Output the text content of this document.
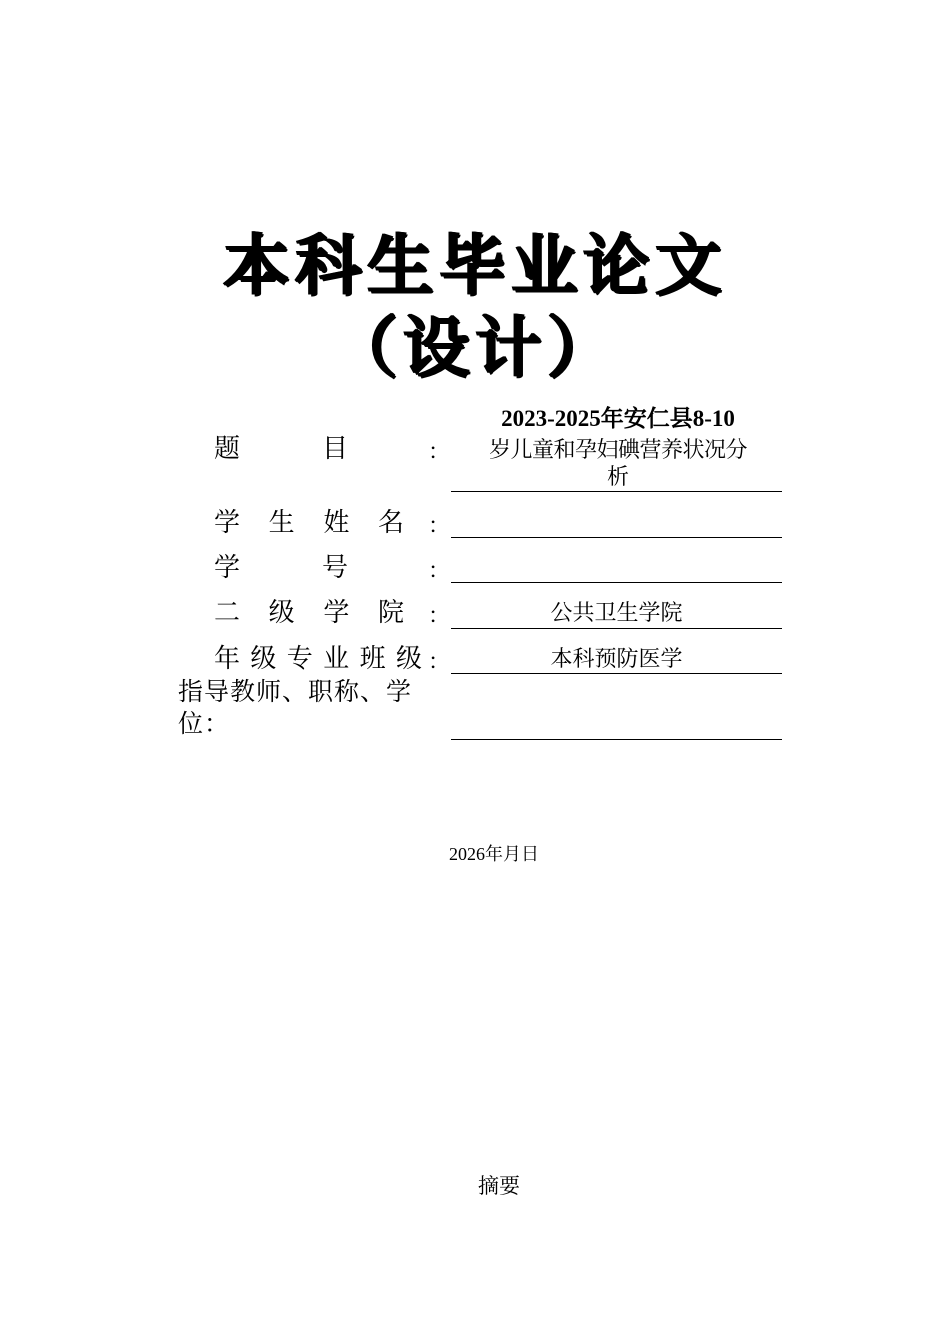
本科生毕业论文
（设计）
题	目	：
2023-2025年安仁县8-10
岁儿童和孕妇碘营养状况分
析
学 生 姓 名 ：
学	号	：
二 级 学 院 ：	公共卫生学院
年 级 专 业 班 级 ：	本科预防医学
指导教师、职称、学位：
2026年月日
摘要
